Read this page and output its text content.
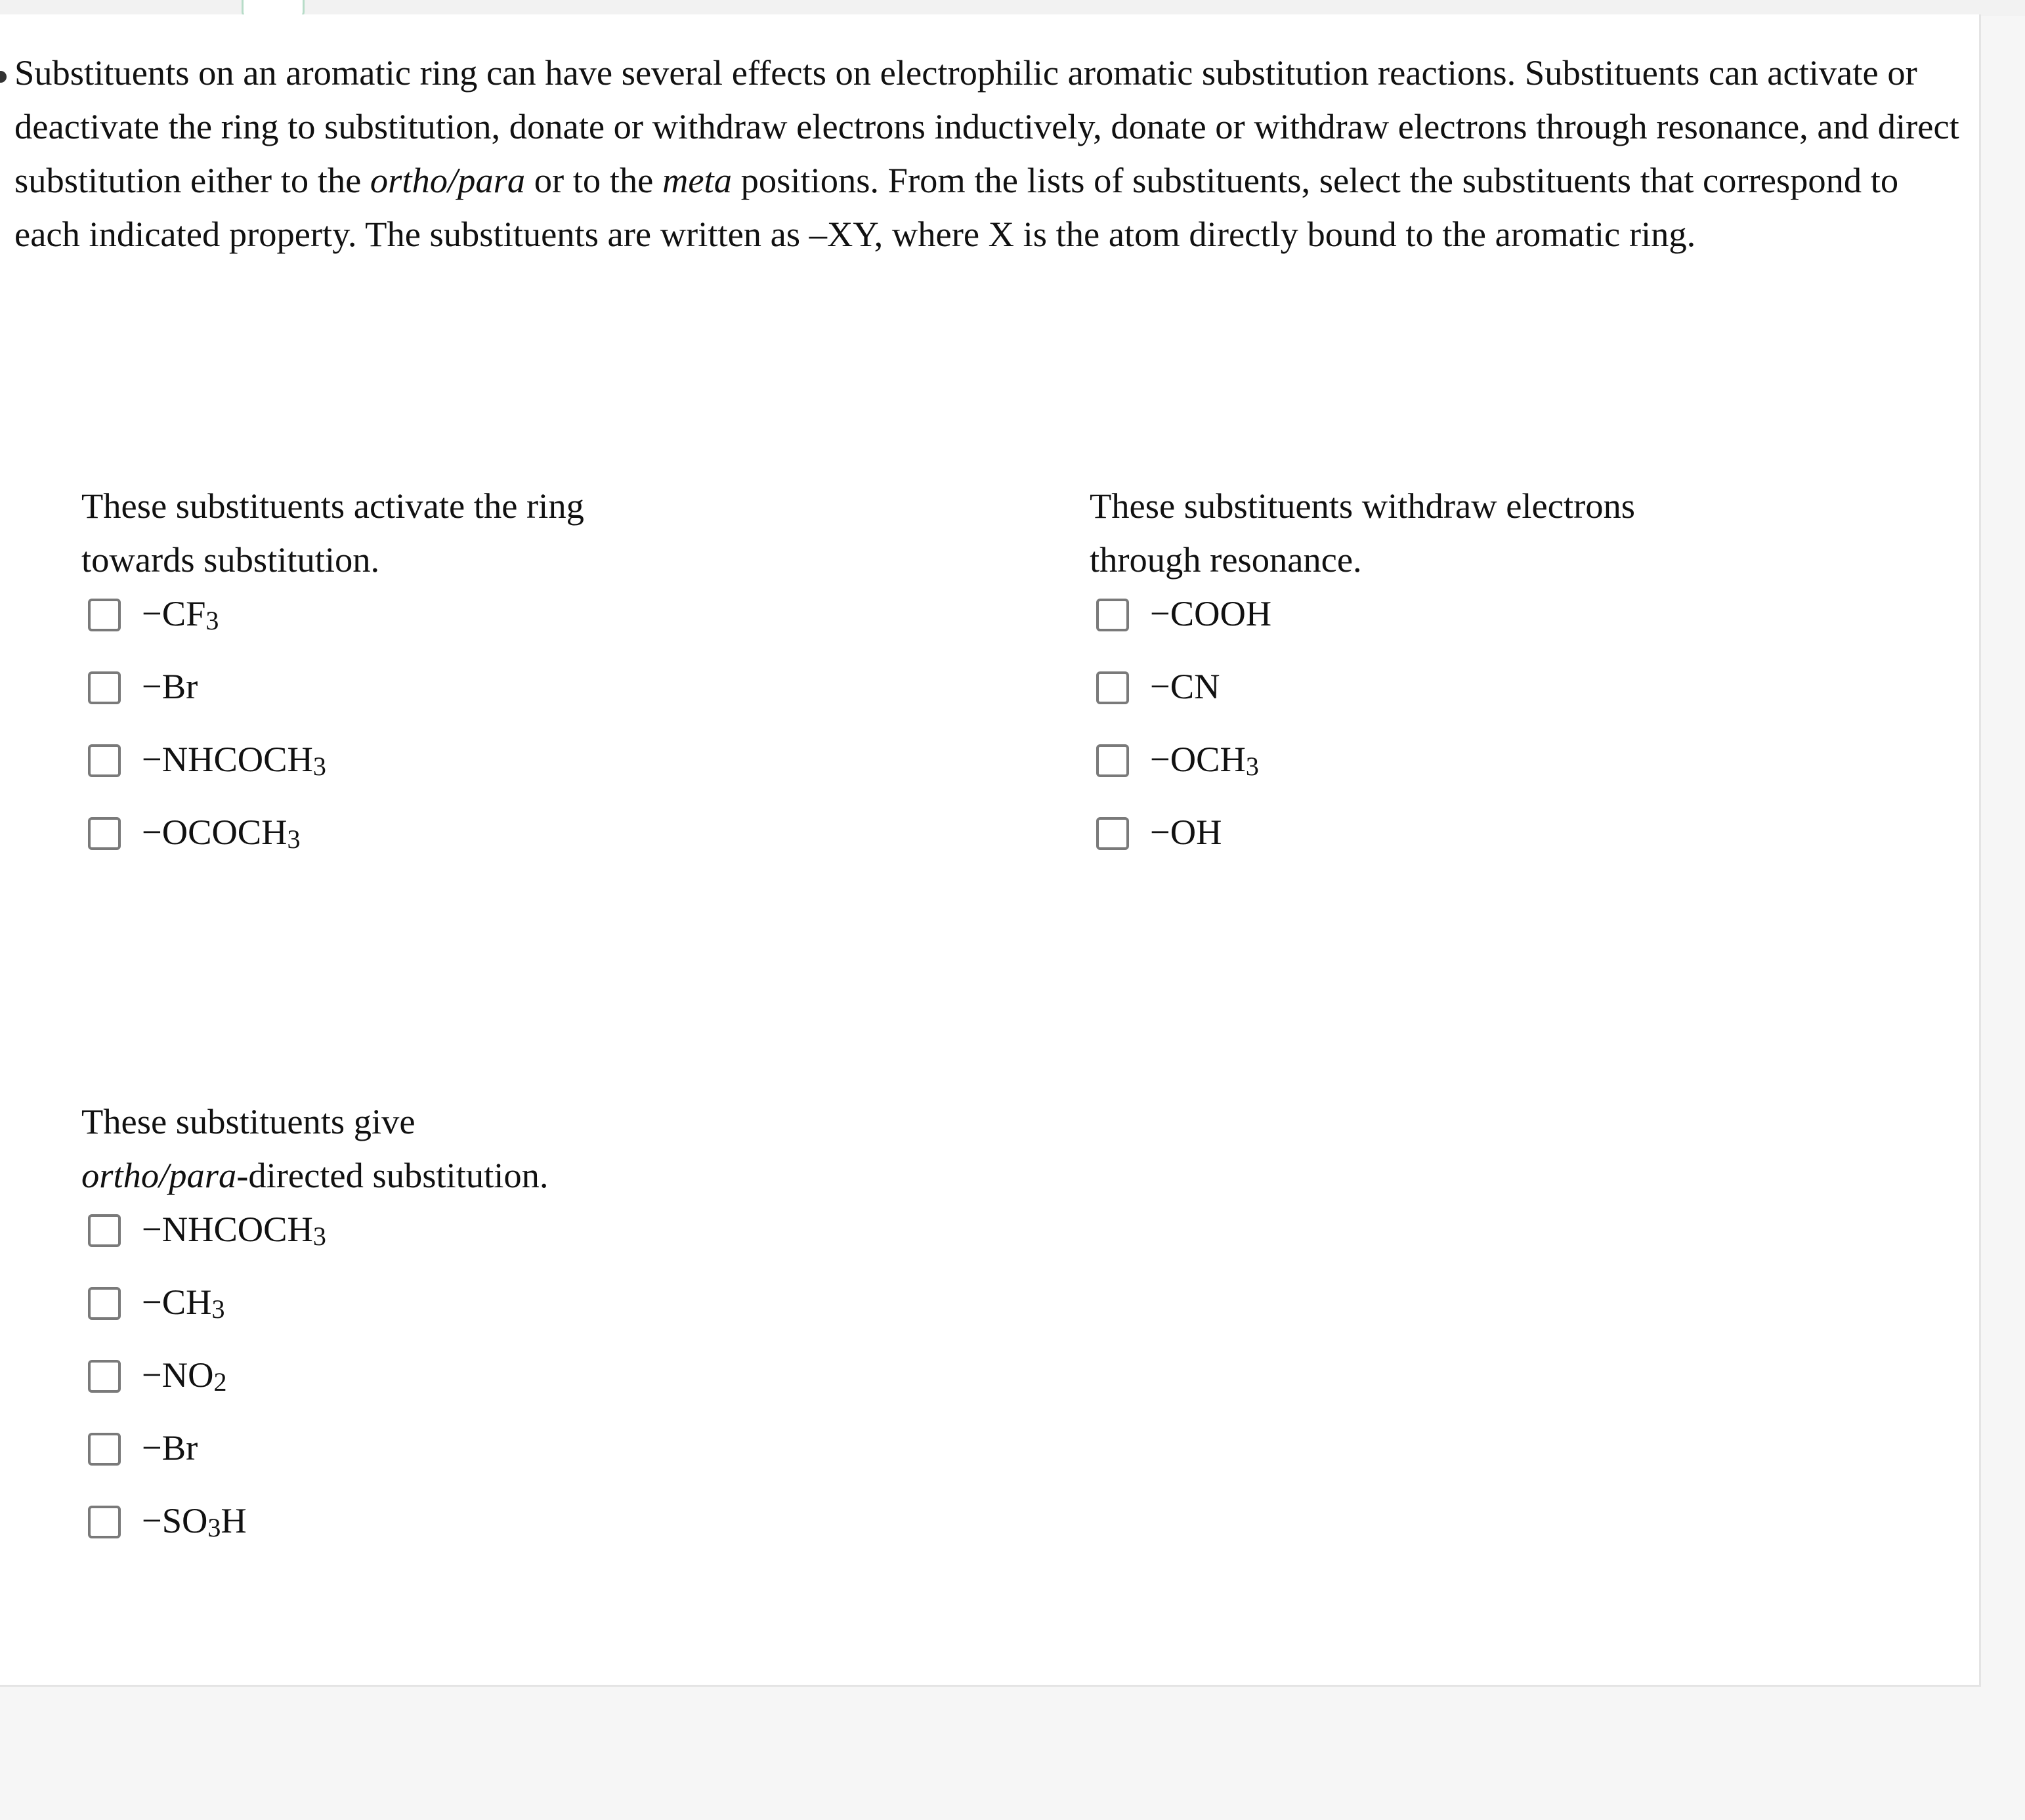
Substituents on an aromatic ring can have several effects on electrophilic aromatic substitution reactions. Substituents can activate or deactivate the ring to substitution, donate or withdraw electrons inductively, donate or withdraw electrons through resonance, and direct substitution either to the ortho/para or to the meta positions. From the lists of substituents, select the substituents that correspond to each indicated property. The substituents are written as –XY, where X is the atom directly bound to the aromatic ring.

These substituents activate the ring towards substitution.

$-CF_3$
−Br
$-NHCOCH_3$
$-OCOCH_3$

These substituents withdraw electrons through resonance.

−COOH
−CN
$-OCH_3$
−OH

These substituents give
ortho/para-directed substitution.

$-NHCOCH_3$
$-CH_3$
$-NO_2$
−Br
$-SO_3H$
